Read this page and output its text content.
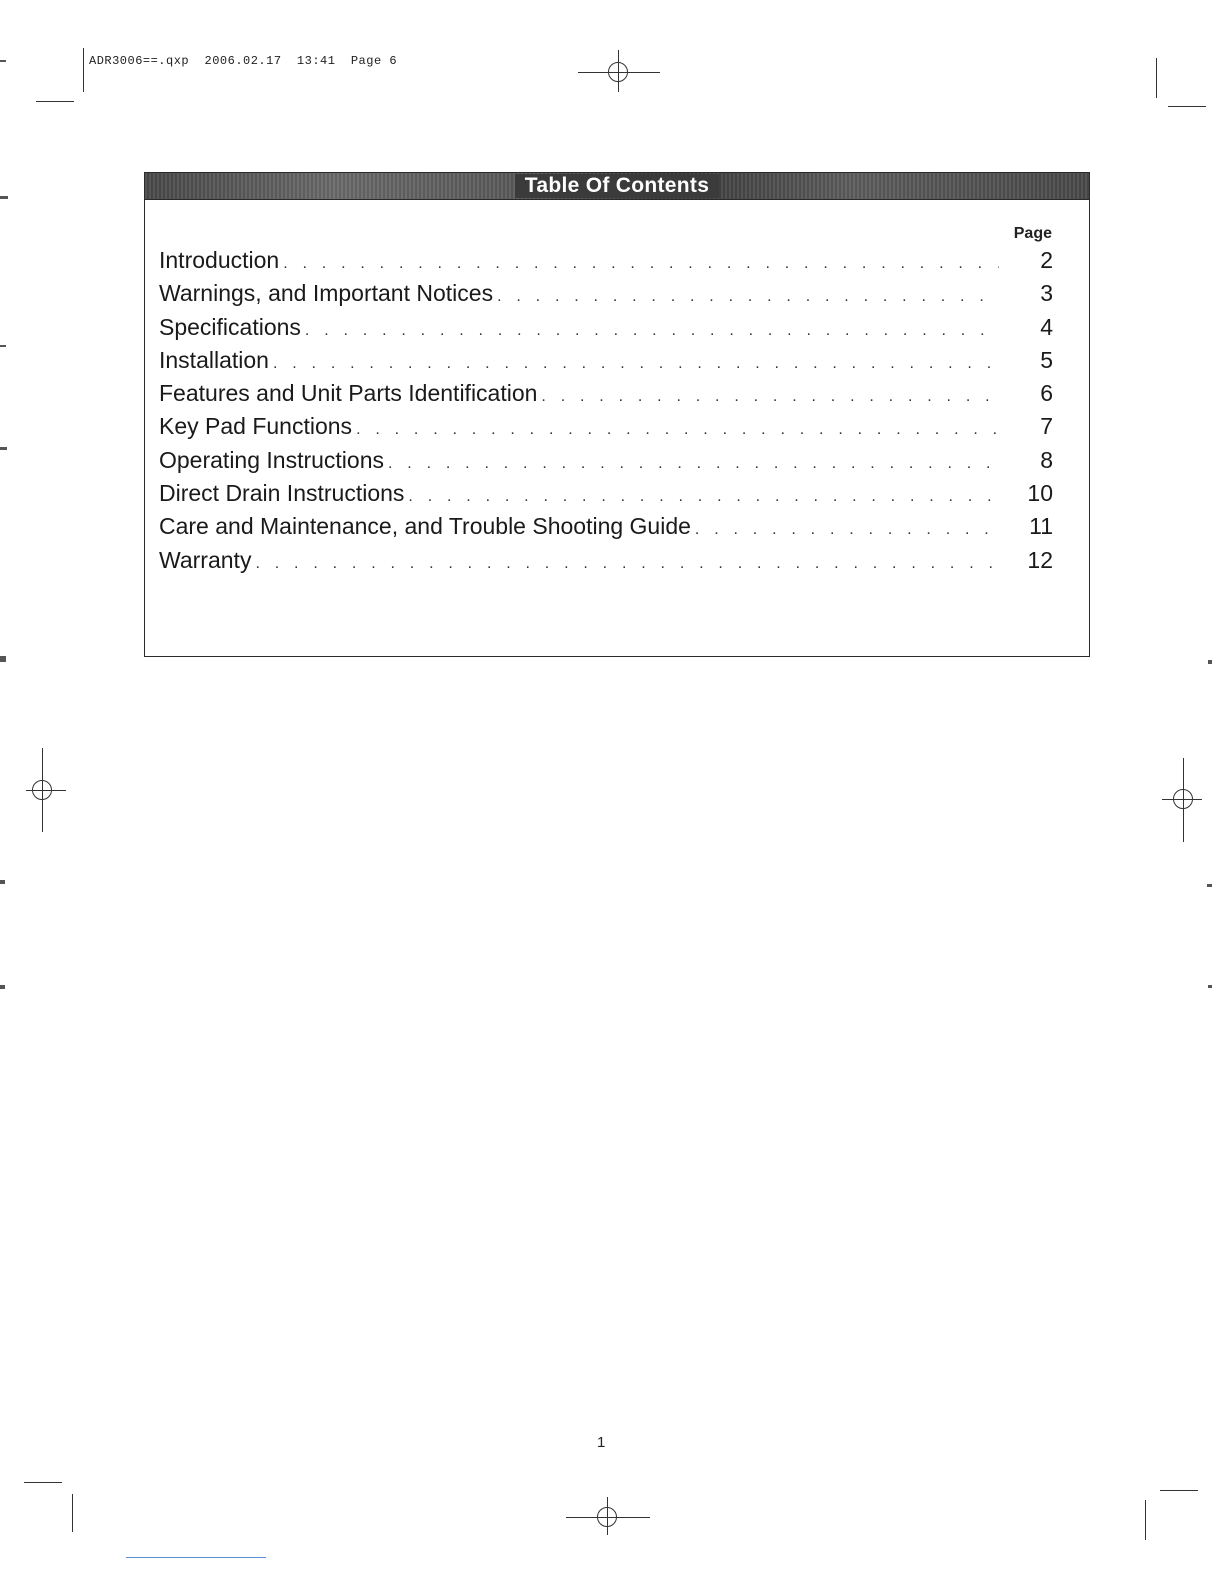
ADR3006==.qxp  2006.02.17  13:41  Page 6
Table Of Contents
Page
Introduction . . .	2
Warnings, and Important Notices . . .	3
Specifications . . .	4
Installation . . .	5
Features and Unit Parts Identification . . .	6
Key Pad Functions . . .	7
Operating Instructions . . .	8
Direct Drain Instructions . . .	10
Care and Maintenance, and Trouble Shooting Guide . . .	11
Warranty . . .	12
1
